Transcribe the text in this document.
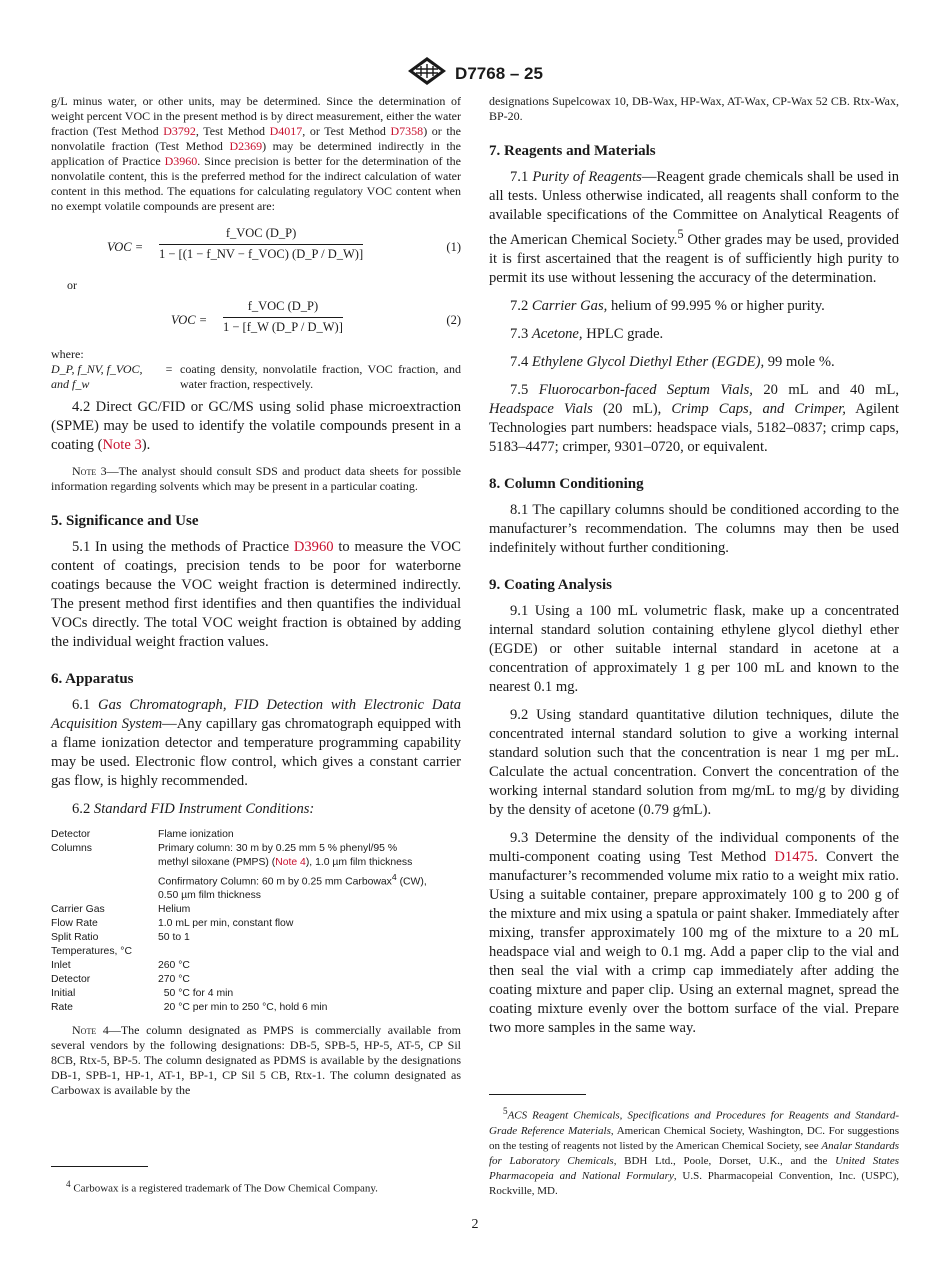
D7768 – 25

g/L minus water, or other units, may be determined. Since the determination of weight percent VOC in the present method is by direct measurement, either the water fraction (Test Method D3792, Test Method D4017, or Test Method D7358) or the nonvolatile fraction (Test Method D2369) may be determined indirectly in the application of Practice D3960. Since precision is better for the determination of the nonvolatile content, this is the preferred method for the indirect calculation of water content in this method. The equations for calculating regulatory VOC content when no exempt volatile compounds are present are:

VOC =
f_VOC (D_P)
1 − [(1 − f_NV − f_VOC) (D_P / D_W)]	(1)
or
VOC =
f_VOC (D_P)
1 − [f_W (D_P / D_W)]	(2)
where:
D_P, f_NV, f_VOC, and f_w
= coating density, nonvolatile fraction, VOC fraction, and water fraction, respectively.

4.2 Direct GC/FID or GC/MS using solid phase microextraction (SPME) may be used to identify the volatile compounds present in a coating (Note 3).

Note 3—The analyst should consult SDS and product data sheets for possible information regarding solvents which may be present in a particular coating.

5. Significance and Use

5.1 In using the methods of Practice D3960 to measure the VOC content of coatings, precision tends to be poor for waterborne coatings because the VOC weight fraction is determined indirectly. The present method first identifies and then quantifies the individual VOCs directly. The total VOC weight fraction is obtained by adding the individual weight fraction values.

6. Apparatus

6.1 Gas Chromatograph, FID Detection with Electronic Data Acquisition System—Any capillary gas chromatograph equipped with a flame ionization detector and temperature programming capability may be used. Electronic flow control, which gives a constant carrier gas flow, is highly recommended.

6.2 Standard FID Instrument Conditions:

Detector	Flame ionization
Columns	Primary column: 30 m by 0.25 mm 5 % phenyl/95 %
	methyl siloxane (PMPS) (Note 4), 1.0 µm film thickness
	Confirmatory Column: 60 m by 0.25 mm Carbowax$^4$ (CW),
	0.50 µm film thickness
Carrier Gas	Helium
Flow Rate	1.0 mL per min, constant flow
Split Ratio	50 to 1
Temperatures, °C	
Inlet	260 °C
Detector	270 °C
Initial	50 °C for 4 min
Rate	20 °C per min to 250 °C, hold 6 min

Note 4—The column designated as PMPS is commercially available from several vendors by the following designations: DB-5, SPB-5, HP-5, AT-5, CP Sil 8CB, Rtx-5, BP-5. The column designated as PDMS is available by the designations DB-1, SPB-1, HP-1, AT-1, BP-1, CP Sil 5 CB, Rtx-1. The column designated as Carbowax is available by the

$^4$ Carbowax is a registered trademark of The Dow Chemical Company.

designations Supelcowax 10, DB-Wax, HP-Wax, AT-Wax, CP-Wax 52 CB. Rtx-Wax, BP-20.

7. Reagents and Materials

7.1 Purity of Reagents—Reagent grade chemicals shall be used in all tests. Unless otherwise indicated, all reagents shall conform to the available specifications of the Committee on Analytical Reagents of the American Chemical Society.$^5$ Other grades may be used, provided it is first ascertained that the reagent is of sufficiently high purity to permit its use without lessening the accuracy of the determination.

7.2 Carrier Gas, helium of 99.995 % or higher purity.

7.3 Acetone, HPLC grade.

7.4 Ethylene Glycol Diethyl Ether (EGDE), 99 mole %.

7.5 Fluorocarbon-faced Septum Vials, 20 mL and 40 mL, Headspace Vials (20 mL), Crimp Caps, and Crimper, Agilent Technologies part numbers: headspace vials, 5182–0837; crimp caps, 5183–4477; crimper, 9301–0720, or equivalent.

8. Column Conditioning

8.1 The capillary columns should be conditioned according to the manufacturer’s recommendation. The columns may then be used indefinitely without further conditioning.

9. Coating Analysis

9.1 Using a 100 mL volumetric flask, make up a concentrated internal standard solution containing ethylene glycol diethyl ether (EGDE) or other suitable internal standard in acetone at a concentration of approximately 1 g per 100 mL and known to the nearest 0.1 mg.

9.2 Using standard quantitative dilution techniques, dilute the concentrated internal standard solution to give a working internal standard solution such that the concentration is near 1 mg per mL. Calculate the actual concentration. Convert the concentration of the working internal standard solution from mg/mL to mg/g by dividing by the density of acetone (0.79 g⁄mL).

9.3 Determine the density of the individual components of the multi-component coating using Test Method D1475. Convert the manufacturer’s recommended volume mix ratio to a weight mix ratio. Using a suitable container, prepare approximately 100 g to 200 g of the mixture and mix using a spatula or paint shaker. Immediately after mixing, transfer approximately 100 mg of the mixture to a 20 mL headspace vial and weigh to 0.1 mg. Add a paper clip to the vial and then seal the vial with a crimp cap immediately after adding the coating mixture and paper clip. Using an external magnet, spread the coating mixture evenly over the bottom surface of the vial. Prepare two more samples in the same way.

$^5$ACS Reagent Chemicals, Specifications and Procedures for Reagents and Standard-Grade Reference Materials, American Chemical Society, Washington, DC. For suggestions on the testing of reagents not listed by the American Chemical Society, see Analar Standards for Laboratory Chemicals, BDH Ltd., Poole, Dorset, U.K., and the United States Pharmacopeia and National Formulary, U.S. Pharmacopeial Convention, Inc. (USPC), Rockville, MD.
2
